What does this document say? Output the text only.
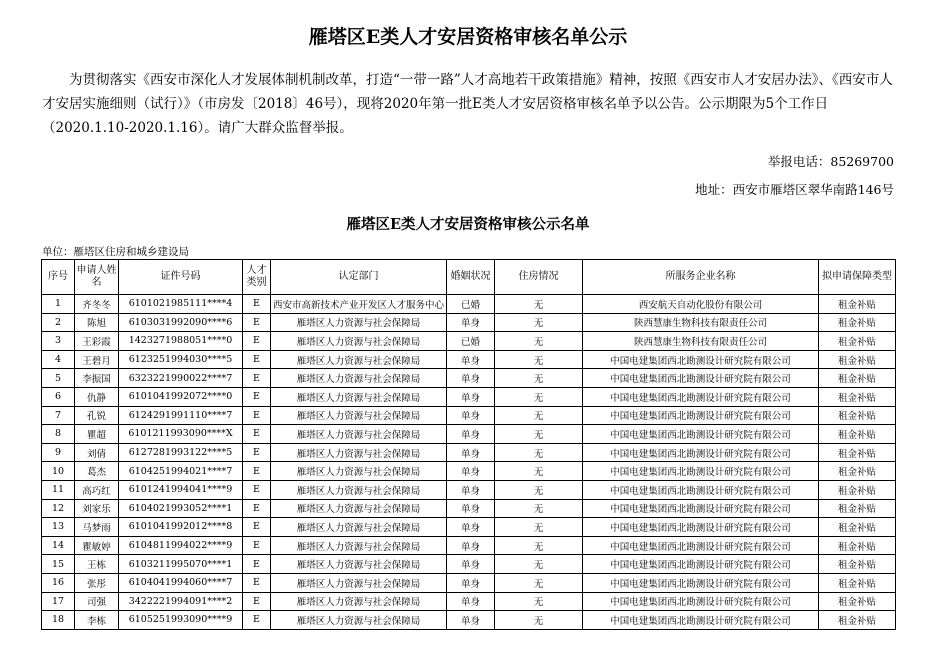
雁塔区E类人才安居资格审核名单公示
为贯彻落实《西安市深化人才发展体制机制改革，打造“一带一路”人才高地若干政策措施》精神，按照《西安市人才安居办法》、《西安市人才安居实施细则（试行）》（市房发〔2018〕46号），现将2020年第一批E类人才安居资格审核名单予以公告。公示期限为5个工作日（2020.1.10-2020.1.16）。请广大群众监督举报。
举报电话：85269700
地址：西安市雁塔区翠华南路146号
雁塔区E类人才安居资格审核公示名单
单位：雁塔区住房和城乡建设局
序号	申请人姓名	证件号码	人才类别	认定部门	婚姻状况	住房情况	所服务企业名称	拟申请保障类型
1	齐冬冬	6101021985111****4	E	西安市高新技术产业开发区人才服务中心	已婚	无	西安航天自动化股份有限公司	租金补贴
2	陈旭	6103031992090****6	E	雁塔区人力资源与社会保障局	单身	无	陕西慧康生物科技有限责任公司	租金补贴
3	王彩霞	1423271988051****0	E	雁塔区人力资源与社会保障局	已婚	无	陕西慧康生物科技有限责任公司	租金补贴
4	王碧月	6123251994030****5	E	雁塔区人力资源与社会保障局	单身	无	中国电建集团西北勘测设计研究院有限公司	租金补贴
5	李振国	6323221990022****7	E	雁塔区人力资源与社会保障局	单身	无	中国电建集团西北勘测设计研究院有限公司	租金补贴
6	仇静	6101041992072****0	E	雁塔区人力资源与社会保障局	单身	无	中国电建集团西北勘测设计研究院有限公司	租金补贴
7	孔锐	6124291991110****7	E	雁塔区人力资源与社会保障局	单身	无	中国电建集团西北勘测设计研究院有限公司	租金补贴
8	瞿超	6101211993090****X	E	雁塔区人力资源与社会保障局	单身	无	中国电建集团西北勘测设计研究院有限公司	租金补贴
9	刘倩	6127281993122****5	E	雁塔区人力资源与社会保障局	单身	无	中国电建集团西北勘测设计研究院有限公司	租金补贴
10	葛杰	6104251994021****7	E	雁塔区人力资源与社会保障局	单身	无	中国电建集团西北勘测设计研究院有限公司	租金补贴
11	高巧红	6101241994041****9	E	雁塔区人力资源与社会保障局	单身	无	中国电建集团西北勘测设计研究院有限公司	租金补贴
12	刘家乐	6104021993052****1	E	雁塔区人力资源与社会保障局	单身	无	中国电建集团西北勘测设计研究院有限公司	租金补贴
13	马梦雨	6101041992012****8	E	雁塔区人力资源与社会保障局	单身	无	中国电建集团西北勘测设计研究院有限公司	租金补贴
14	瞿敏婷	6104811994022****9	E	雁塔区人力资源与社会保障局	单身	无	中国电建集团西北勘测设计研究院有限公司	租金补贴
15	王栋	6103211995070****1	E	雁塔区人力资源与社会保障局	单身	无	中国电建集团西北勘测设计研究院有限公司	租金补贴
16	张彤	6104041994060****7	E	雁塔区人力资源与社会保障局	单身	无	中国电建集团西北勘测设计研究院有限公司	租金补贴
17	司强	3422221994091****2	E	雁塔区人力资源与社会保障局	单身	无	中国电建集团西北勘测设计研究院有限公司	租金补贴
18	李栋	6105251993090****9	E	雁塔区人力资源与社会保障局	单身	无	中国电建集团西北勘测设计研究院有限公司	租金补贴
